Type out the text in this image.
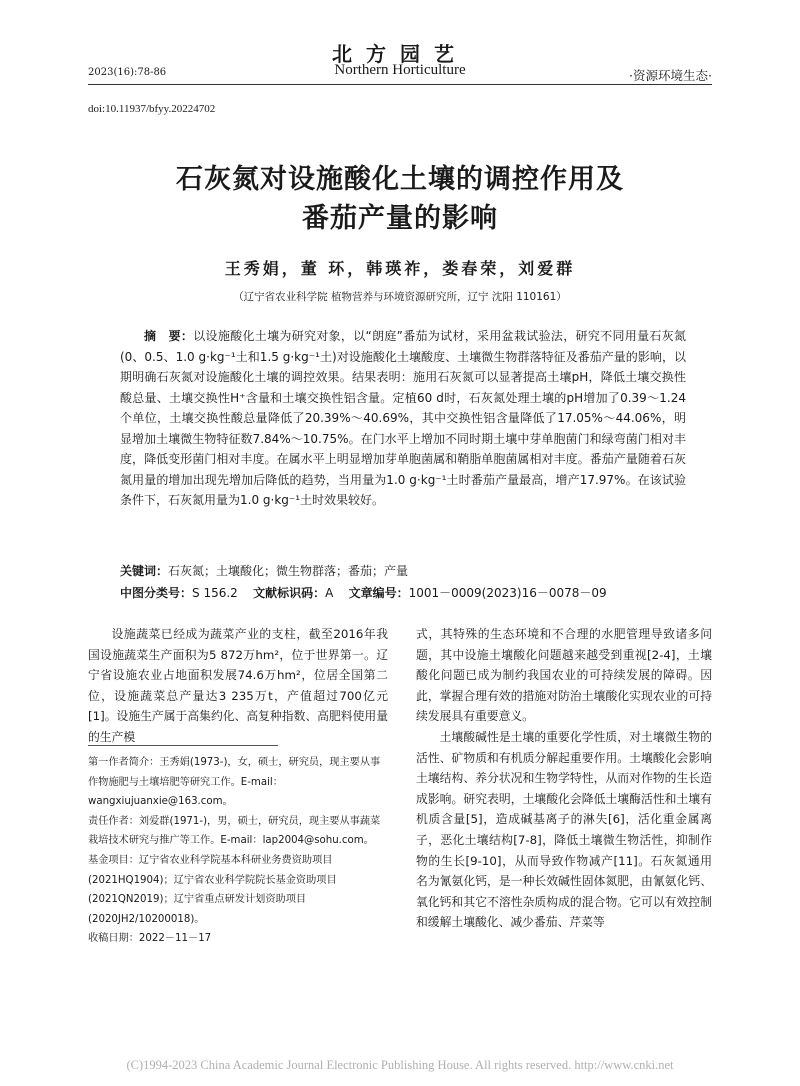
北方园艺
Northern Horticulture
2023(16):78-86	·资源环境生态·
doi:10.11937/bfyy.20224702
石灰氮对设施酸化土壤的调控作用及
番茄产量的影响
王秀娟，董 环，韩瑛祚，娄春荣，刘爱群
（辽宁省农业科学院 植物营养与环境资源研究所，辽宁 沈阳 110161）
摘　要：以设施酸化土壤为研究对象，以“朗庭”番茄为试材，采用盆栽试验法，研究不同用量石灰氮(0、0.5、1.0 g·kg⁻¹土和1.5 g·kg⁻¹土)对设施酸化土壤酸度、土壤微生物群落特征及番茄产量的影响，以期明确石灰氮对设施酸化土壤的调控效果。结果表明：施用石灰氮可以显著提高土壤pH，降低土壤交换性酸总量、土壤交换性H⁺含量和土壤交换性铝含量。定植60 d时，石灰氮处理土壤的pH增加了0.39～1.24个单位，土壤交换性酸总量降低了20.39%～40.69%，其中交换性铝含量降低了17.05%～44.06%，明显增加土壤微生物特征数7.84%～10.75%。在门水平上增加不同时期土壤中芽单胞菌门和绿弯菌门相对丰度，降低变形菌门相对丰度。在属水平上明显增加芽单胞菌属和鞘脂单胞菌属相对丰度。番茄产量随着石灰氮用量的增加出现先增加后降低的趋势，当用量为1.0 g·kg⁻¹土时番茄产量最高，增产17.97%。在该试验条件下，石灰氮用量为1.0 g·kg⁻¹土时效果较好。
关键词：石灰氮；土壤酸化；微生物群落；番茄；产量
中图分类号：S 156.2 文献标识码：A 文章编号：1001－0009(2023)16－0078－09

设施蔬菜已经成为蔬菜产业的支柱，截至2016年我国设施蔬菜生产面积为5 872万hm²，位于世界第一。辽宁省设施农业占地面积发展74.6万hm²，位居全国第二位，设施蔬菜总产量达3 235万t，产值超过700亿元[1]。设施生产属于高集约化、高复种指数、高肥料使用量的生产模

式，其特殊的生态环境和不合理的水肥管理导致诸多问题，其中设施土壤酸化问题越来越受到重视[2-4]，土壤酸化问题已成为制约我国农业的可持续发展的障碍。因此，掌握合理有效的措施对防治土壤酸化实现农业的可持续发展具有重要意义。

土壤酸碱性是土壤的重要化学性质，对土壤微生物的活性、矿物质和有机质分解起重要作用。土壤酸化会影响土壤结构、养分状况和生物学特性，从而对作物的生长造成影响。研究表明，土壤酸化会降低土壤酶活性和土壤有机质含量[5]，造成碱基离子的淋失[6]，活化重金属离子，恶化土壤结构[7-8]，降低土壤微生物活性，抑制作物的生长[9-10]，从而导致作物减产[11]。石灰氮通用名为氰氨化钙，是一种长效碱性固体氮肥，由氰氨化钙、氧化钙和其它不溶性杂质构成的混合物。它可以有效控制和缓解土壤酸化、减少番茄、芹菜等

第一作者简介：王秀娟(1973-)，女，硕士，研究员，现主要从事作物施肥与土壤培肥等研究工作。E-mail：wangxiujuanxie@163.com。

责任作者：刘爱群(1971-)，男，硕士，研究员，现主要从事蔬菜栽培技术研究与推广等工作。E-mail：lap2004@sohu.com。

基金项目：辽宁省农业科学院基本科研业务费资助项目(2021HQ1904)；辽宁省农业科学院院长基金资助项目(2021QN2019)；辽宁省重点研发计划资助项目(2020JH2/10200018)。

收稿日期：2022－11－17

(C)1994-2023 China Academic Journal Electronic Publishing House. All rights reserved. http://www.cnki.net
